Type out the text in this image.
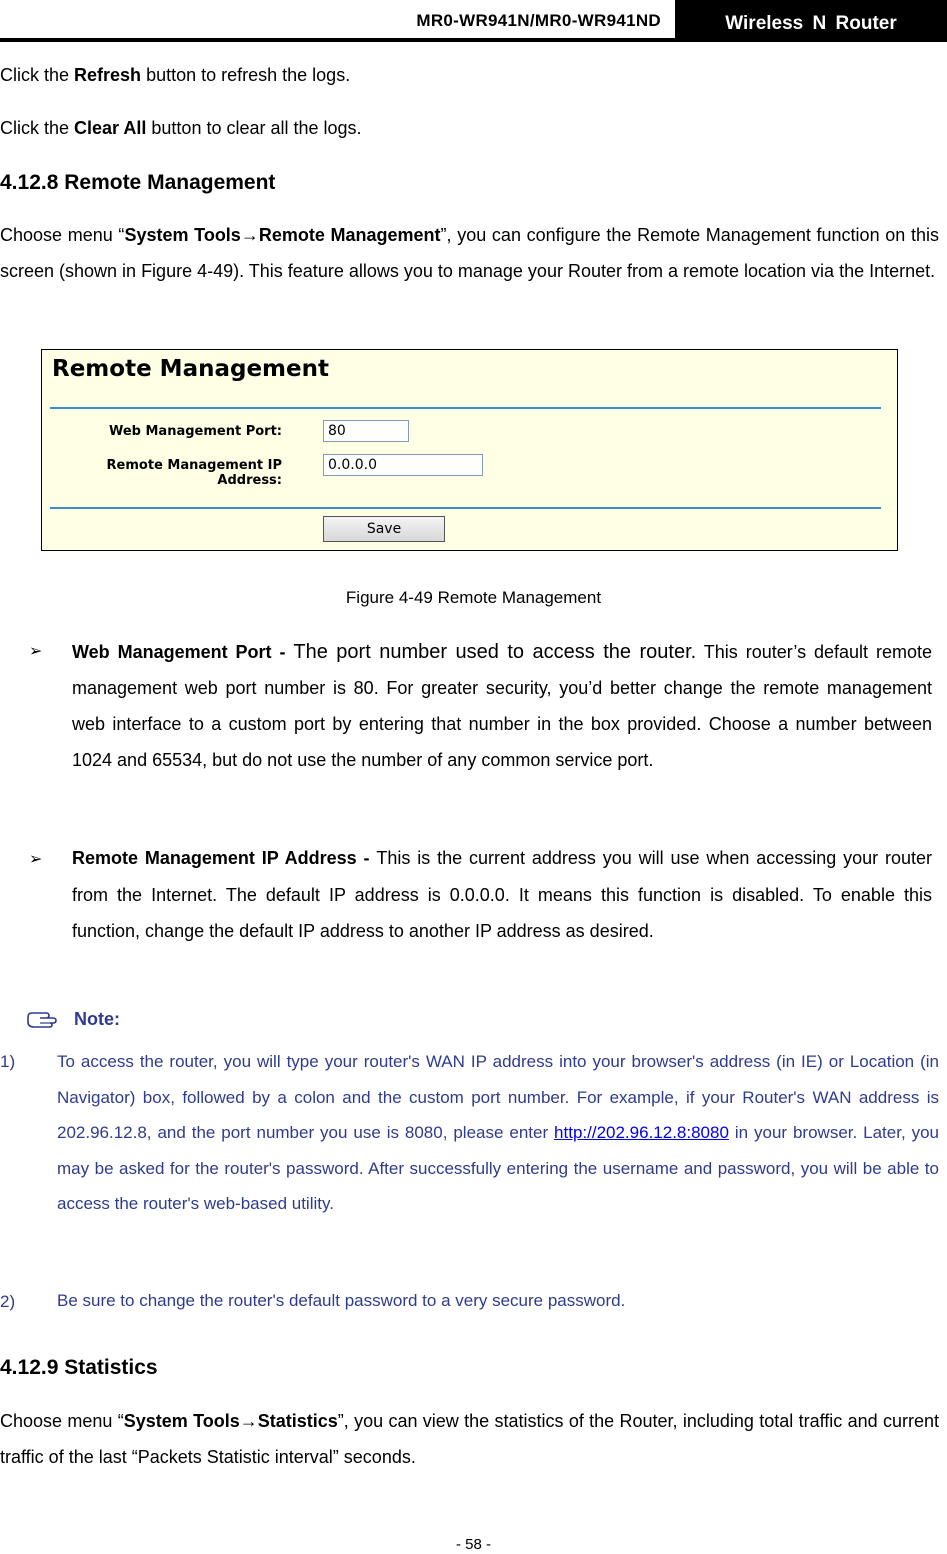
MR0-WR941N/MR0-WR941ND	Wireless N Router
Click the Refresh button to refresh the logs.
Click the Clear All button to clear all the logs.
4.12.8 Remote Management
Choose menu “System Tools→Remote Management”, you can configure the Remote Management function on this screen (shown in Figure 4-49). This feature allows you to manage your Router from a remote location via the Internet.
Remote Management
Web Management Port:	80
Remote Management IP Address:
0.0.0.0
Save
Figure 4-49 Remote Management
➢ Web Management Port - The port number used to access the router. This router’s default remote management web port number is 80. For greater security, you’d better change the remote management web interface to a custom port by entering that number in the box provided. Choose a number between 1024 and 65534, but do not use the number of any common service port.
➢ Remote Management IP Address - This is the current address you will use when accessing your router from the Internet. The default IP address is 0.0.0.0. It means this function is disabled. To enable this function, change the default IP address to another IP address as desired.
Note:
1) To access the router, you will type your router's WAN IP address into your browser's address (in IE) or Location (in Navigator) box, followed by a colon and the custom port number. For example, if your Router's WAN address is 202.96.12.8, and the port number you use is 8080, please enter http://202.96.12.8:8080 in your browser. Later, you may be asked for the router's password. After successfully entering the username and password, you will be able to access the router's web-based utility.
2) Be sure to change the router's default password to a very secure password.
4.12.9 Statistics
Choose menu “System Tools→Statistics”, you can view the statistics of the Router, including total traffic and current traffic of the last “Packets Statistic interval” seconds.
- 58 -
